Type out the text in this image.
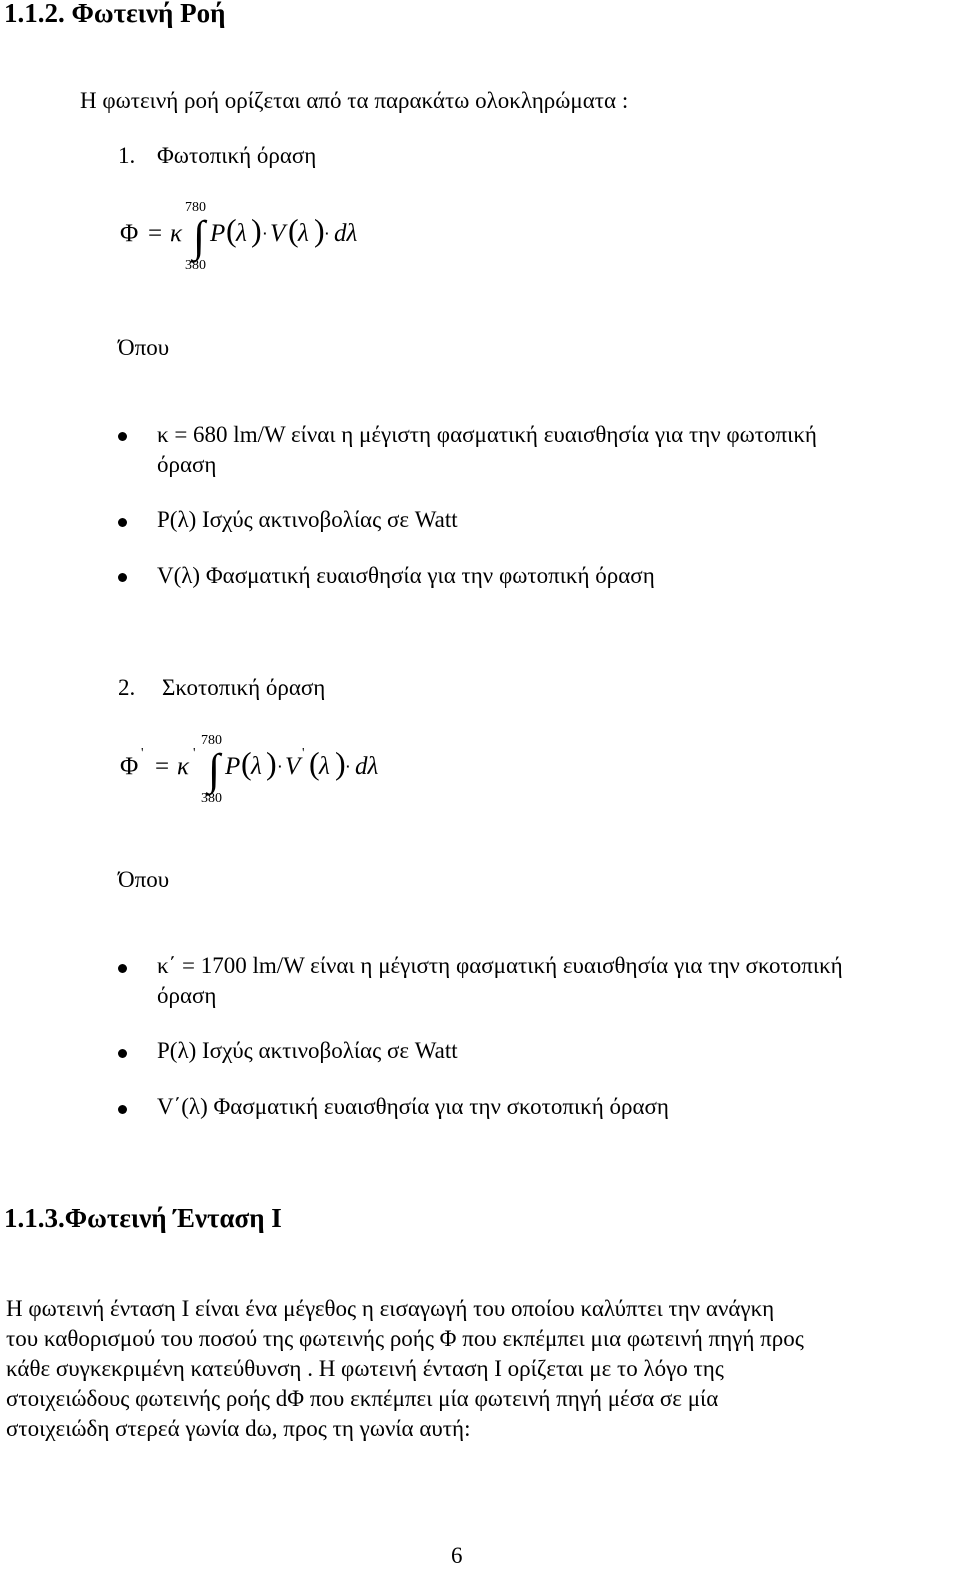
1.1.2. Φωτεινή Ροή
Η φωτεινή ροή ορίζεται από τα παρακάτω ολοκληρώματα :
1. Φωτοπική όραση
Φ = κ
780
∫
380
P ( λ ) ⋅ V ( λ ) ⋅ dλ
Όπου
κ = 680 lm/W είναι η μέγιστη φασματική ευαισθησία για την φωτοπική
όραση
P(λ) Ισχύς ακτινοβολίας σε Watt
V(λ) Φασματική ευαισθησία για την φωτοπική όραση
2. Σκοτοπική όραση
Φ ' = κ '
780
∫
380
P ( λ ) ⋅ V ' ( λ ) ⋅ dλ
Όπου
κ΄ = 1700 lm/W είναι η μέγιστη φασματική ευαισθησία για την σκοτοπική
όραση
P(λ) Ισχύς ακτινοβολίας σε Watt
V΄(λ) Φασματική ευαισθησία για την σκοτοπική όραση
1.1.3.Φωτεινή Ένταση Ι
Η φωτεινή ένταση Ι είναι ένα μέγεθος η εισαγωγή του οποίου καλύπτει την ανάγκη
του καθορισμού του ποσού της φωτεινής ροής Φ που εκπέμπει μια φωτεινή πηγή προς
κάθε συγκεκριμένη κατεύθυνση . Η φωτεινή ένταση Ι ορίζεται με το λόγο της
στοιχειώδους φωτεινής ροής dΦ που εκπέμπει μία φωτεινή πηγή μέσα σε μία
στοιχειώδη στερεά γωνία dω, προς τη γωνία αυτή:
6
